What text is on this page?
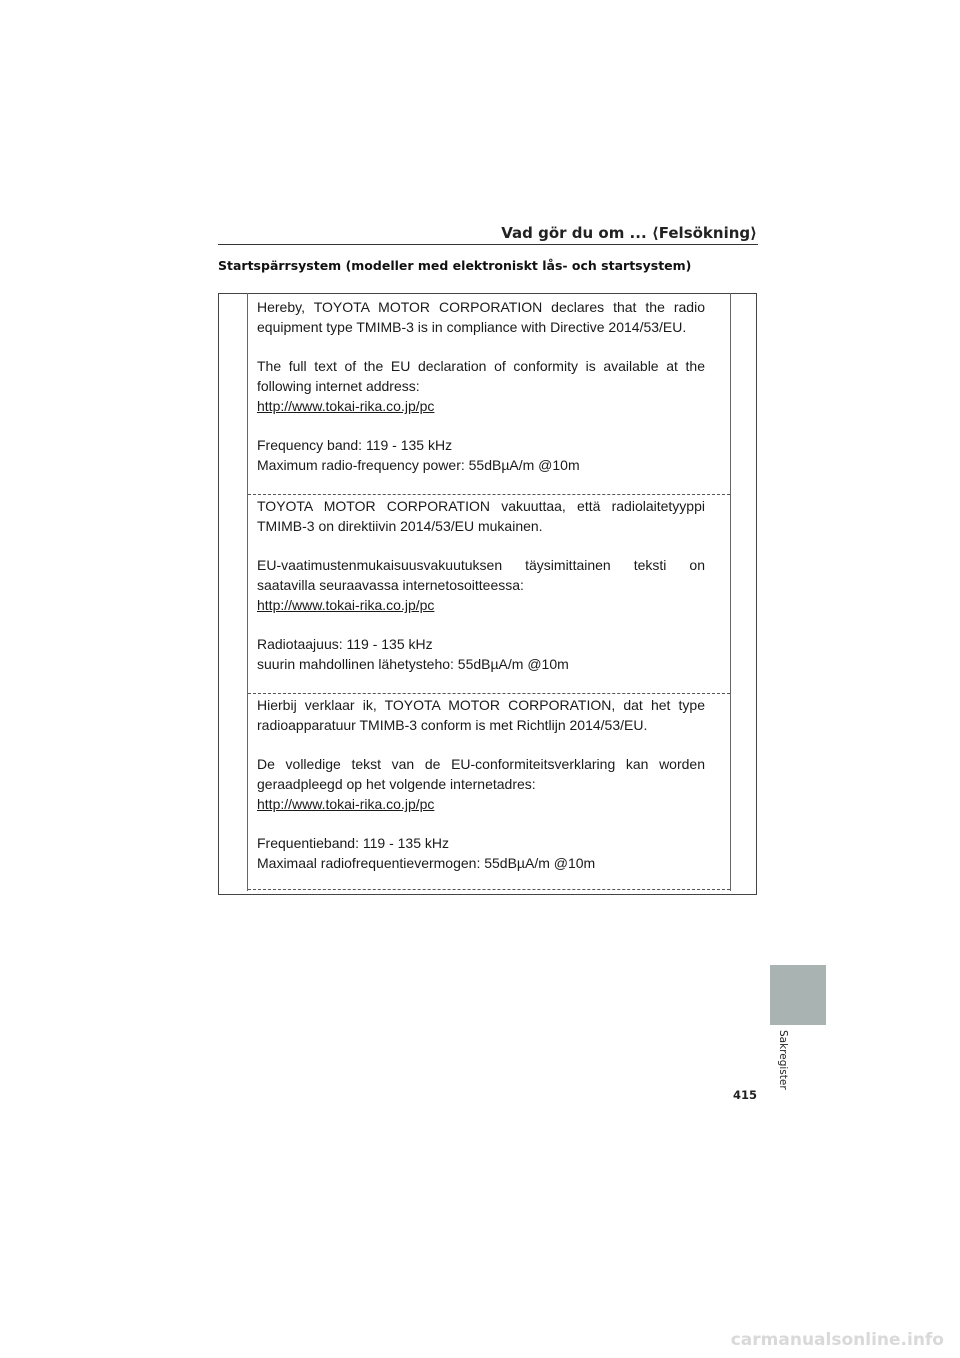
Vad gör du om ... ⟨Felsökning⟩
Startspärrsystem (modeller med elektroniskt lås- och startsystem)

Hereby, TOYOTA MOTOR CORPORATION declares that the radio equipment type TMIMB-3 is in compliance with Directive 2014/53/EU.

The full text of the EU declaration of conformity is available at the following internet address:

http://www.tokai-rika.co.jp/pc

Frequency band: 119 - 135 kHz

Maximum radio-frequency power: 55dBµA/m @10m

TOYOTA MOTOR CORPORATION vakuuttaa, että radiolaitetyyppi TMIMB-3 on direktiivin 2014/53/EU mukainen.

EU-vaatimustenmukaisuusvakuutuksen täysimittainen teksti on saatavilla seuraavassa internetosoitteessa:

http://www.tokai-rika.co.jp/pc

Radiotaajuus: 119 - 135 kHz

suurin mahdollinen lähetysteho: 55dBµA/m @10m

Hierbij verklaar ik, TOYOTA MOTOR CORPORATION, dat het type radioapparatuur TMIMB-3 conform is met Richtlijn 2014/53/EU.

De volledige tekst van de EU-conformiteitsverklaring kan worden geraadpleegd op het volgende internetadres:

http://www.tokai-rika.co.jp/pc

Frequentieband: 119 - 135 kHz

Maximaal radiofrequentievermogen: 55dBµA/m @10m

Sakregister
415
carmanualsonline.info
